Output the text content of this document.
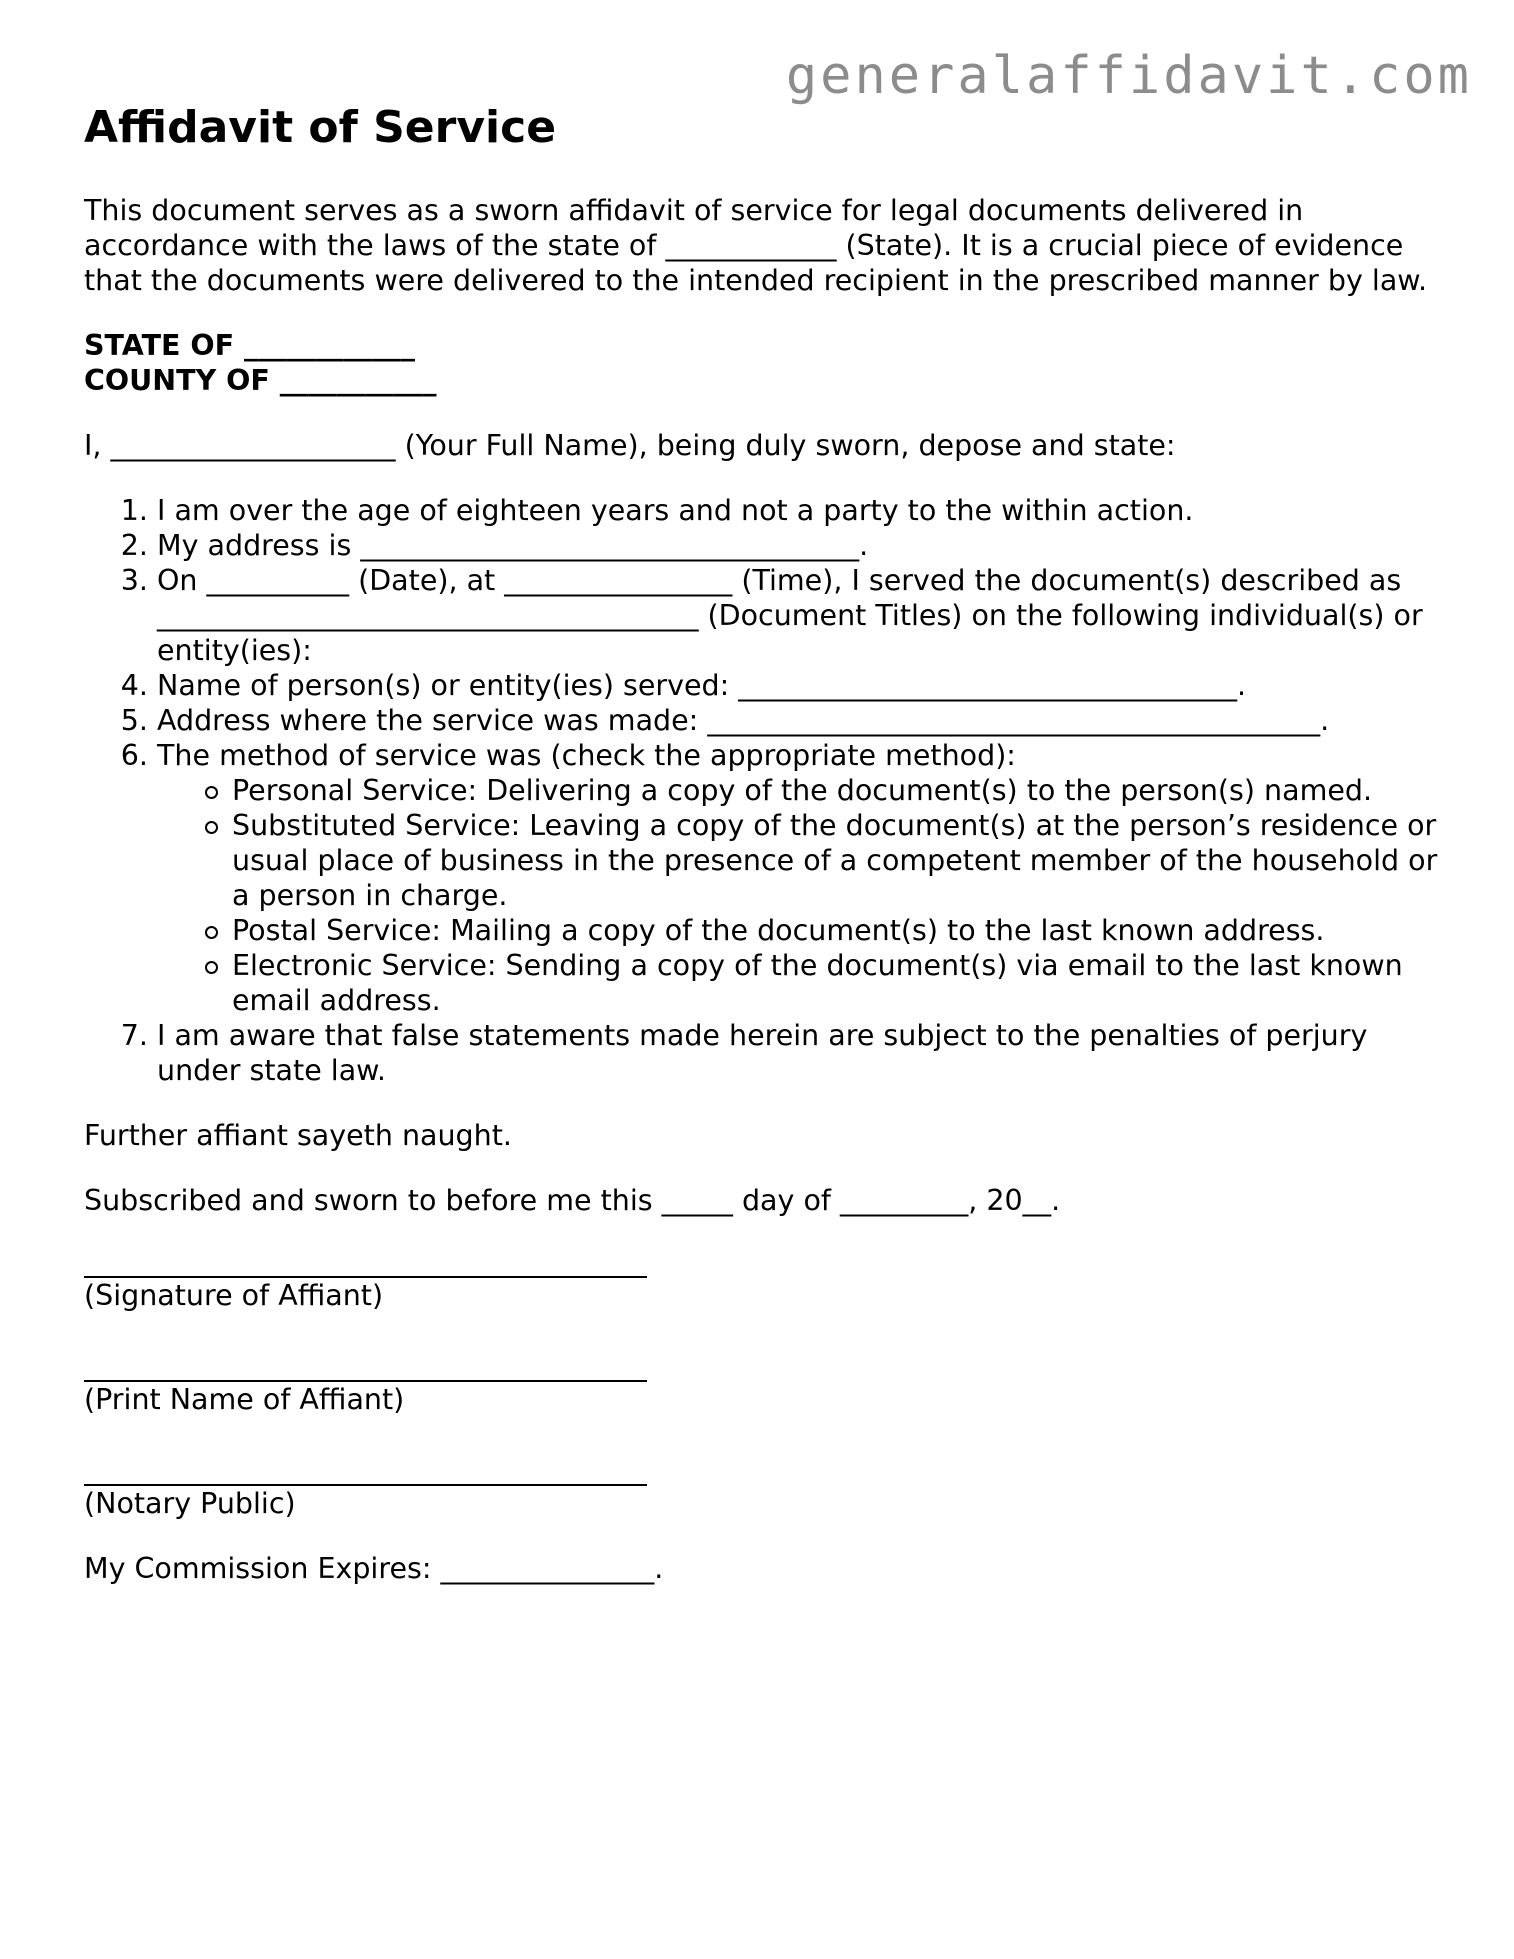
generalaffidavit.com
Affidavit of Service

This document serves as a sworn affidavit of service for legal documents delivered in accordance with the laws of the state of ____________ (State). It is a crucial piece of evidence that the documents were delivered to the intended recipient in the prescribed manner by law.

STATE OF ____________
COUNTY OF ___________

I, ____________________ (Your Full Name), being duly sworn, depose and state:

1. I am over the age of eighteen years and not a party to the within action.
2. My address is ___________________________________.
3. On __________ (Date), at ________________ (Time), I served the document(s) described as ______________________________________ (Document Titles) on the following individual(s) or entity(ies):
4. Name of person(s) or entity(ies) served: ___________________________________.
5. Address where the service was made: ___________________________________________.
6. The method of service was (check the appropriate method):
Personal Service: Delivering a copy of the document(s) to the person(s) named.
Substituted Service: Leaving a copy of the document(s) at the person’s residence or usual place of business in the presence of a competent member of the household or a person in charge.
Postal Service: Mailing a copy of the document(s) to the last known address.
Electronic Service: Sending a copy of the document(s) via email to the last known email address.
7. I am aware that false statements made herein are subject to the penalties of perjury under state law.

Further affiant sayeth naught.

Subscribed and sworn to before me this _____ day of _________, 20__.

(Signature of Affiant)
(Print Name of Affiant)
(Notary Public)

My Commission Expires: _______________.
